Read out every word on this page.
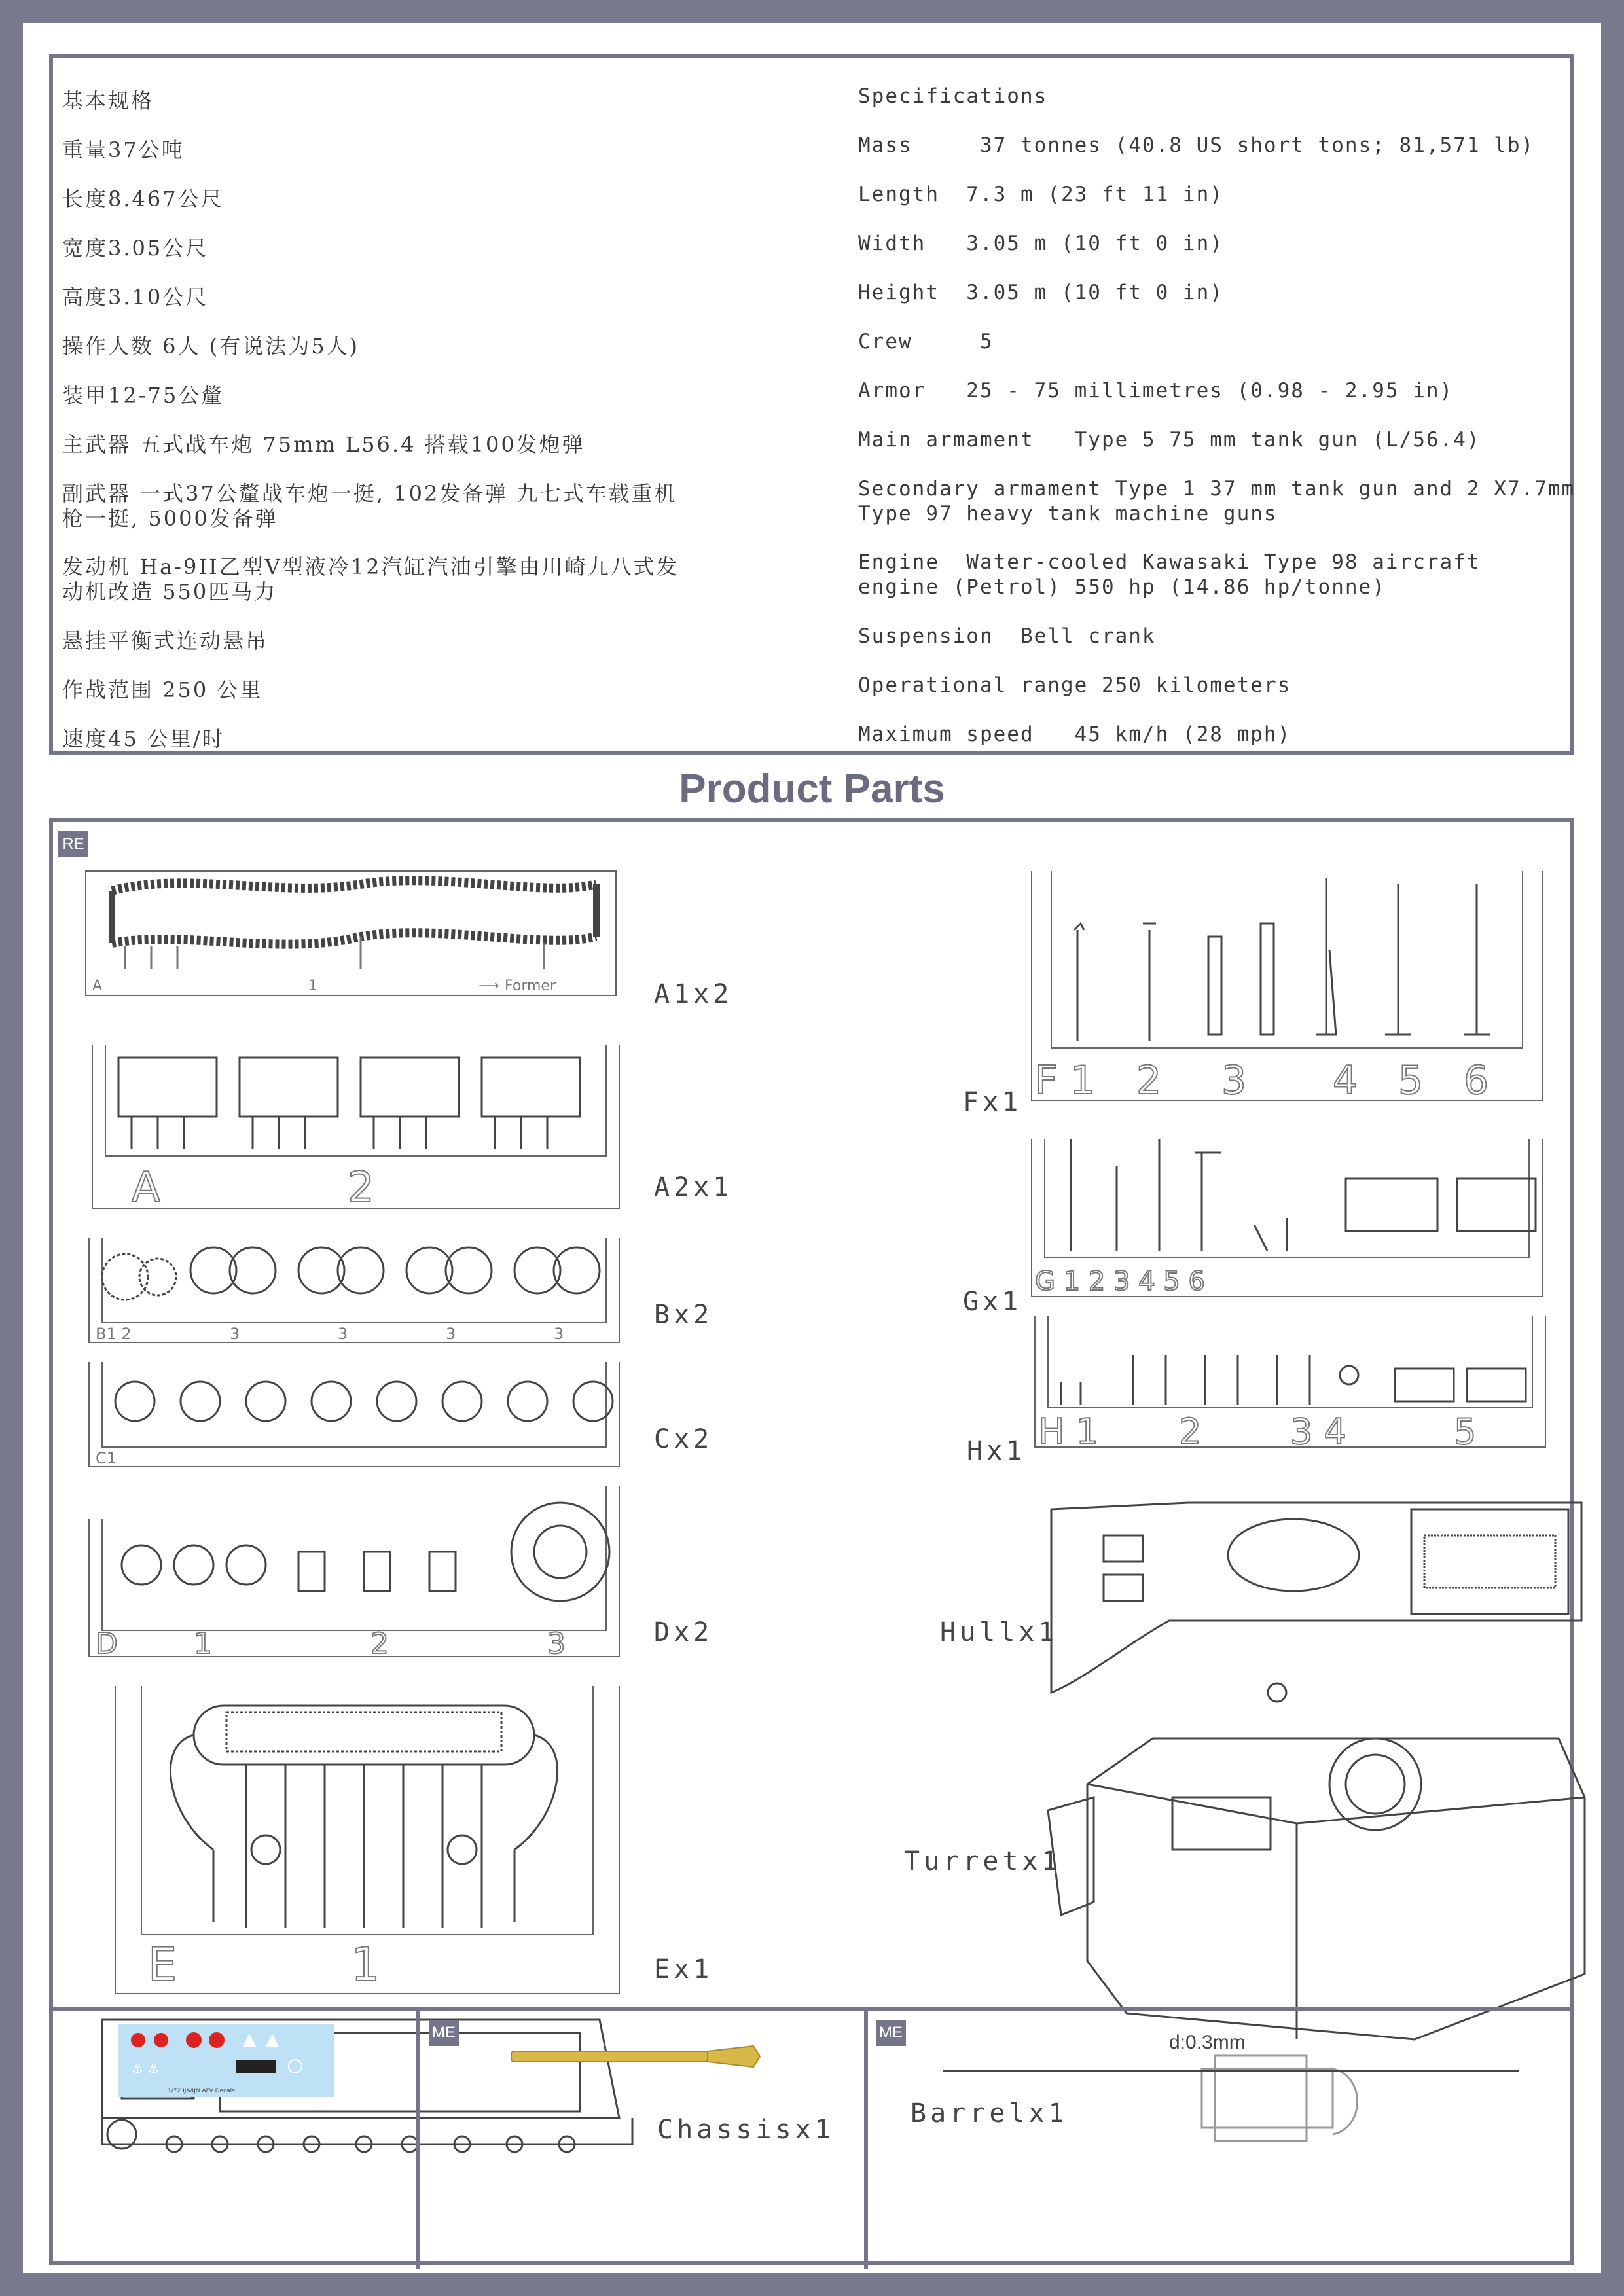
基本规格	Specifications
重量37公吨	Mass     37 tonnes (40.8 US short tons; 81,571 lb)
长度8.467公尺	Length  7.3 m (23 ft 11 in)
宽度3.05公尺	Width   3.05 m (10 ft 0 in)
高度3.10公尺	Height  3.05 m (10 ft 0 in)
操作人数 6人 (有说法为5人)	Crew     5
装甲12-75公釐	Armor   25 - 75 millimetres (0.98 - 2.95 in)
主武器 五式战车炮 75mm L56.4 搭载100发炮弹	Main armament   Type 5 75 mm tank gun (L/56.4)
副武器 一式37公釐战车炮一挺, 102发备弹 九七式车载重机	Secondary armament Type 1 37 mm tank gun and 2 X7.7mm
枪一挺, 5000发备弹	Type 97 heavy tank machine guns
发动机 Ha-9II乙型V型液冷12汽缸汽油引擎由川崎九八式发	Engine  Water-cooled Kawasaki Type 98 aircraft
动机改造 550匹马力	engine (Petrol) 550 hp (14.86 hp/tonne)
悬挂平衡式连动悬吊	Suspension  Bell crank
作战范围 250 公里	Operational range 250 kilometers
速度45 公里/时	Maximum speed   45 km/h (28 mph)
Product Parts
RE
⟶ Former
A	1	A1x2
A	2	A2x1
B1 2	3	3	3	3
Bx2
C1
Cx2
D	1	2	3	Dx2
E	1	Ex1
Chassisx1
F 1 2 3 4 5 6
Fx1
G 1 2 3 4 5 6
Gx1
H 1 2	3 4	5
Hx1
Hullx1
Turretx1
Barrelx1
⚓ ⚓
1/72 IJA/IJN AFV Decals
ME	ME	d:0.3mm
